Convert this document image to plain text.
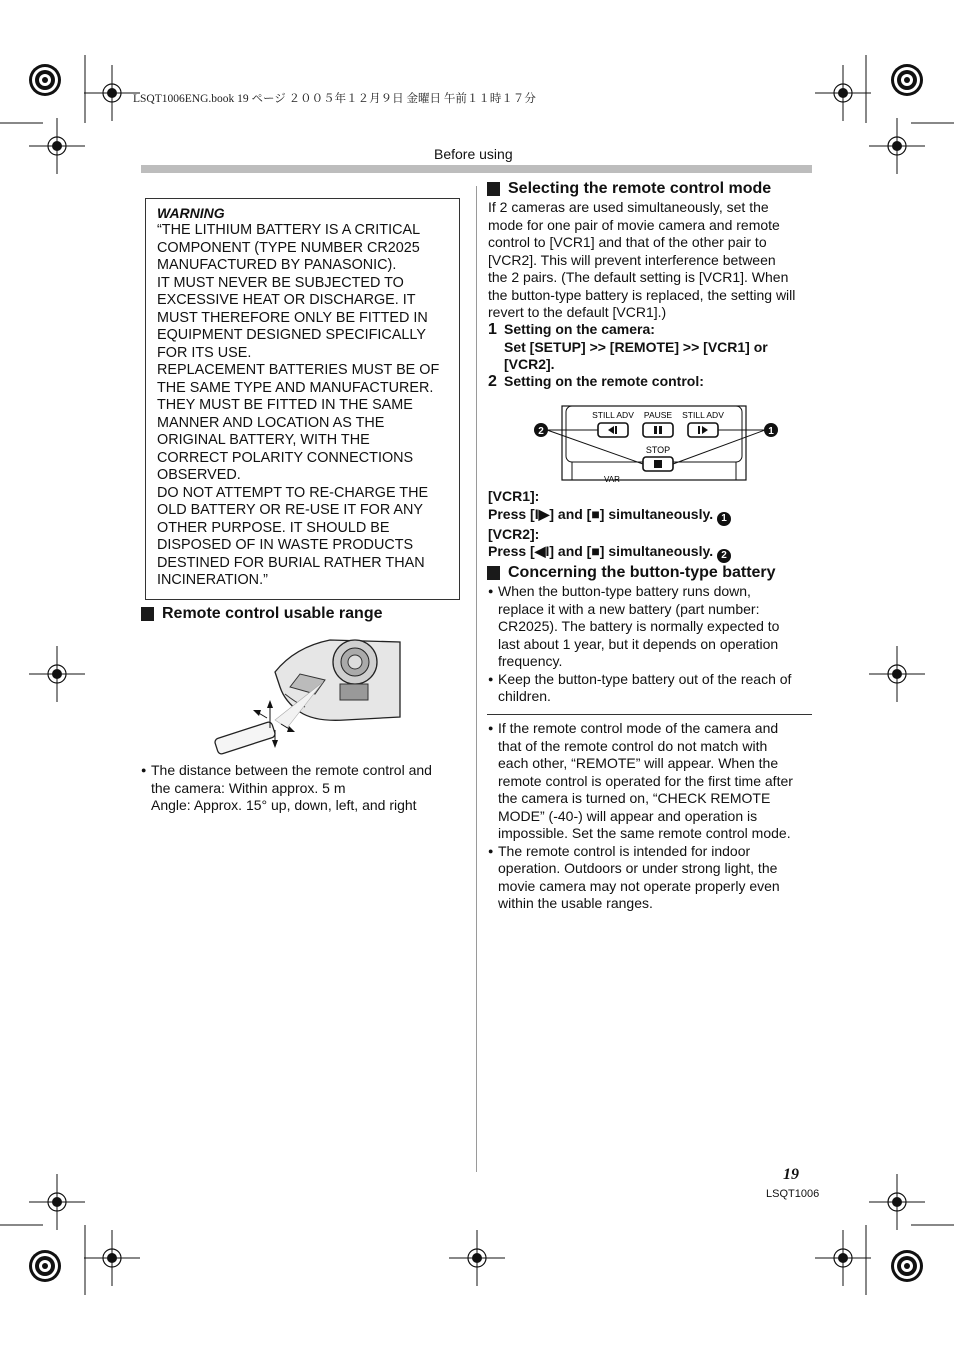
LSQT1006ENG.book 19 ページ ２００５年１２月９日 金曜日 午前１１時１７分
Before using
WARNING
“THE LITHIUM BATTERY IS A CRITICAL
COMPONENT (TYPE NUMBER CR2025
MANUFACTURED BY PANASONIC).
IT MUST NEVER BE SUBJECTED TO
EXCESSIVE HEAT OR DISCHARGE. IT
MUST THEREFORE ONLY BE FITTED IN
EQUIPMENT DESIGNED SPECIFICALLY
FOR ITS USE.
REPLACEMENT BATTERIES MUST BE OF
THE SAME TYPE AND MANUFACTURER.
THEY MUST BE FITTED IN THE SAME
MANNER AND LOCATION AS THE
ORIGINAL BATTERY, WITH THE
CORRECT POLARITY CONNECTIONS
OBSERVED.
DO NOT ATTEMPT TO RE-CHARGE THE
OLD BATTERY OR RE-USE IT FOR ANY
OTHER PURPOSE. IT SHOULD BE
DISPOSED OF IN WASTE PRODUCTS
DESTINED FOR BURIAL RATHER THAN
INCINERATION.”
Remote control usable range
● The distance between the remote control and
the camera: Within approx. 5 m
Angle: Approx. 15° up, down, left, and right
Selecting the remote control mode
If 2 cameras are used simultaneously, set the
mode for one pair of movie camera and remote
control to [VCR1] and that of the other pair to
[VCR2]. This will prevent interference between
the 2 pairs. (The default setting is [VCR1]. When
the button-type battery is replaced, the setting will
revert to the default [VCR1].)
1 Setting on the camera:
Set [SETUP] >> [REMOTE] >> [VCR1] or
[VCR2].
2 Setting on the remote control:
STILL ADV PAUSE STILL ADV
STOP
VAR
2	1
[VCR1]:
Press [I▶] and [■] simultaneously. 1
[VCR2]:
Press [◀I] and [■] simultaneously. 2
Concerning the button-type battery
● When the button-type battery runs down,
replace it with a new battery (part number:
CR2025). The battery is normally expected to
last about 1 year, but it depends on operation
frequency.
● Keep the button-type battery out of the reach of
children.
● If the remote control mode of the camera and
that of the remote control do not match with
each other, “REMOTE” will appear. When the
remote control is operated for the first time after
the camera is turned on, “CHECK REMOTE
MODE” (-40-) will appear and operation is
impossible. Set the same remote control mode.
● The remote control is intended for indoor
operation. Outdoors or under strong light, the
movie camera may not operate properly even
within the usable ranges.
19
LSQT1006
